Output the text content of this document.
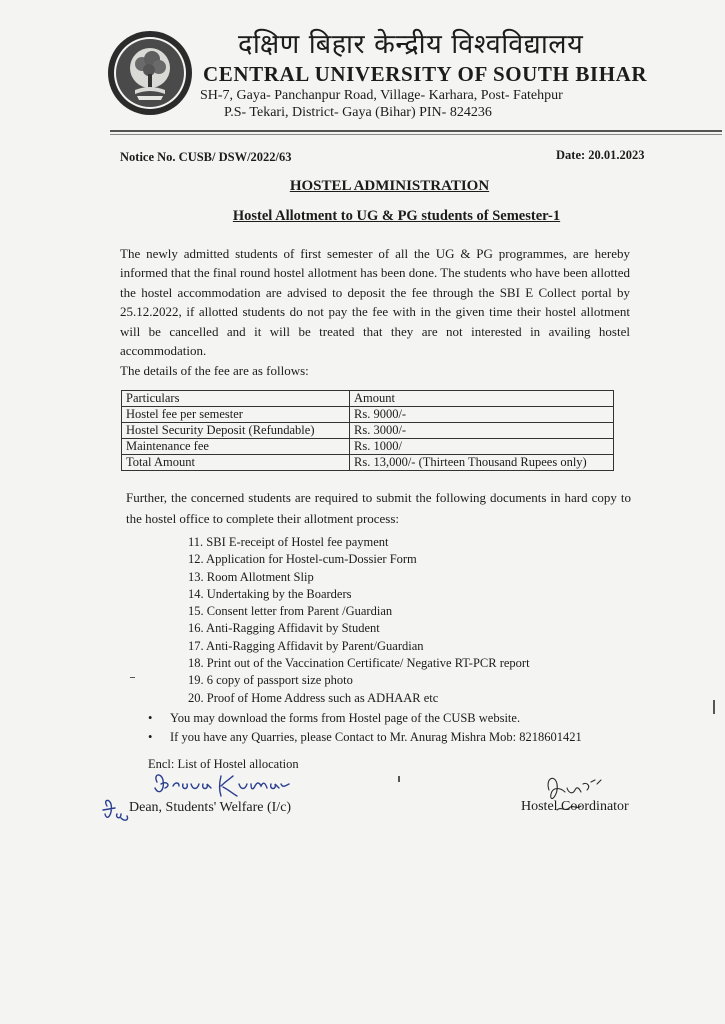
दक्षिण बिहार केन्द्रीय विश्वविद्यालय
CENTRAL UNIVERSITY OF SOUTH BIHAR
SH-7, Gaya- Panchanpur Road, Village- Karhara, Post- Fatehpur
P.S- Tekari, District- Gaya (Bihar) PIN- 824236
Notice No. CUSB/ DSW/2022/63	Date: 20.01.2023
HOSTEL ADMINISTRATION
Hostel Allotment to UG & PG students of Semester-1
The newly admitted students of first semester of all the UG & PG programmes, are hereby informed that the final round hostel allotment has been done. The students who have been allotted the hostel accommodation are advised to deposit the fee through the SBI E Collect portal by 25.12.2022, if allotted students do not pay the fee with in the given time their hostel allotment will be cancelled and it will be treated that they are not interested in availing hostel accommodation.
The details of the fee are as follows:
Particulars	Amount
Hostel fee per semester	Rs. 9000/-
Hostel Security Deposit (Refundable)	Rs. 3000/-
Maintenance fee	Rs. 1000/
Total Amount	Rs. 13,000/- (Thirteen Thousand Rupees only)
Further, the concerned students are required to submit the following documents in hard copy to the hostel office to complete their allotment process:
11. SBI E-receipt of Hostel fee payment
12. Application for Hostel-cum-Dossier Form
13. Room Allotment Slip
14. Undertaking by the Boarders
15. Consent letter from Parent /Guardian
16. Anti-Ragging Affidavit by Student
17. Anti-Ragging Affidavit by Parent/Guardian
18. Print out of the Vaccination Certificate/ Negative RT-PCR report
19. 6 copy of passport size photo
20. Proof of Home Address such as ADHAAR etc
• You may download the forms from Hostel page of the CUSB website.
• If you have any Quarries, please Contact to Mr. Anurag Mishra Mob: 8218601421
Encl: List of Hostel allocation
Dean, Students' Welfare (I/c)	Hostel Coordinator
